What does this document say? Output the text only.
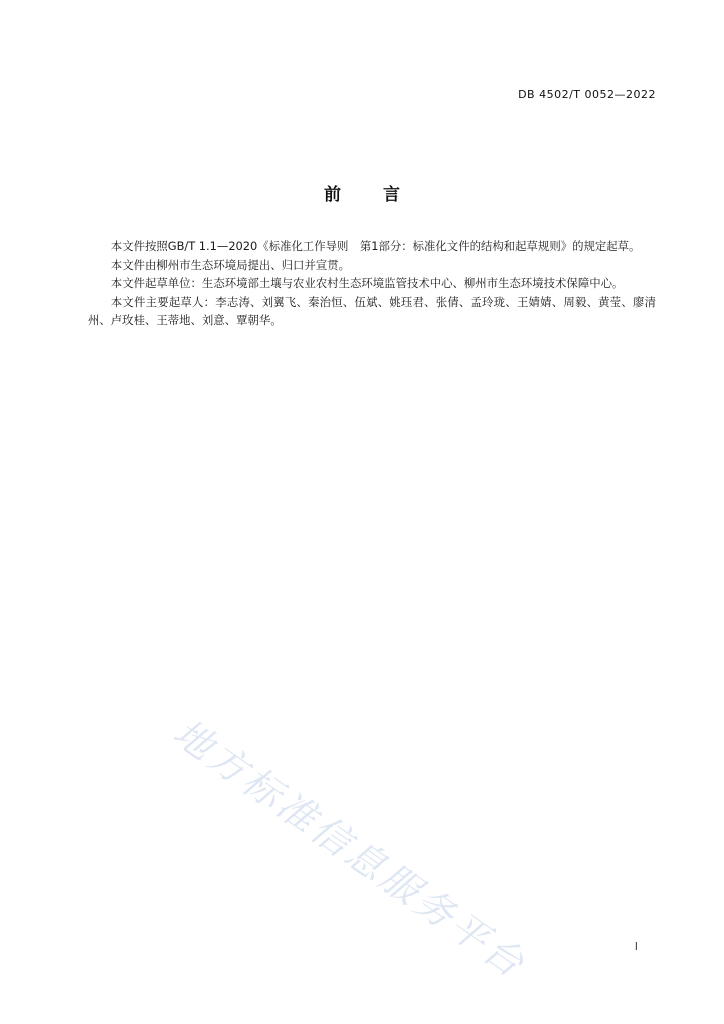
DB 4502/T 0052—2022
前 言

本文件按照GB/T 1.1—2020《标准化工作导则　第1部分：标准化文件的结构和起草规则》的规定起草。

本文件由柳州市生态环境局提出、归口并宣贯。

本文件起草单位：生态环境部土壤与农业农村生态环境监管技术中心、柳州市生态环境技术保障中心。

本文件主要起草人：李志涛、刘翼飞、秦治恒、伍斌、姚珏君、张倩、孟玲珑、王婧婧、周毅、黄莹、廖清州、卢玫桂、王蒂地、刘意、覃朝华。

地方标准信息服务平台	I
